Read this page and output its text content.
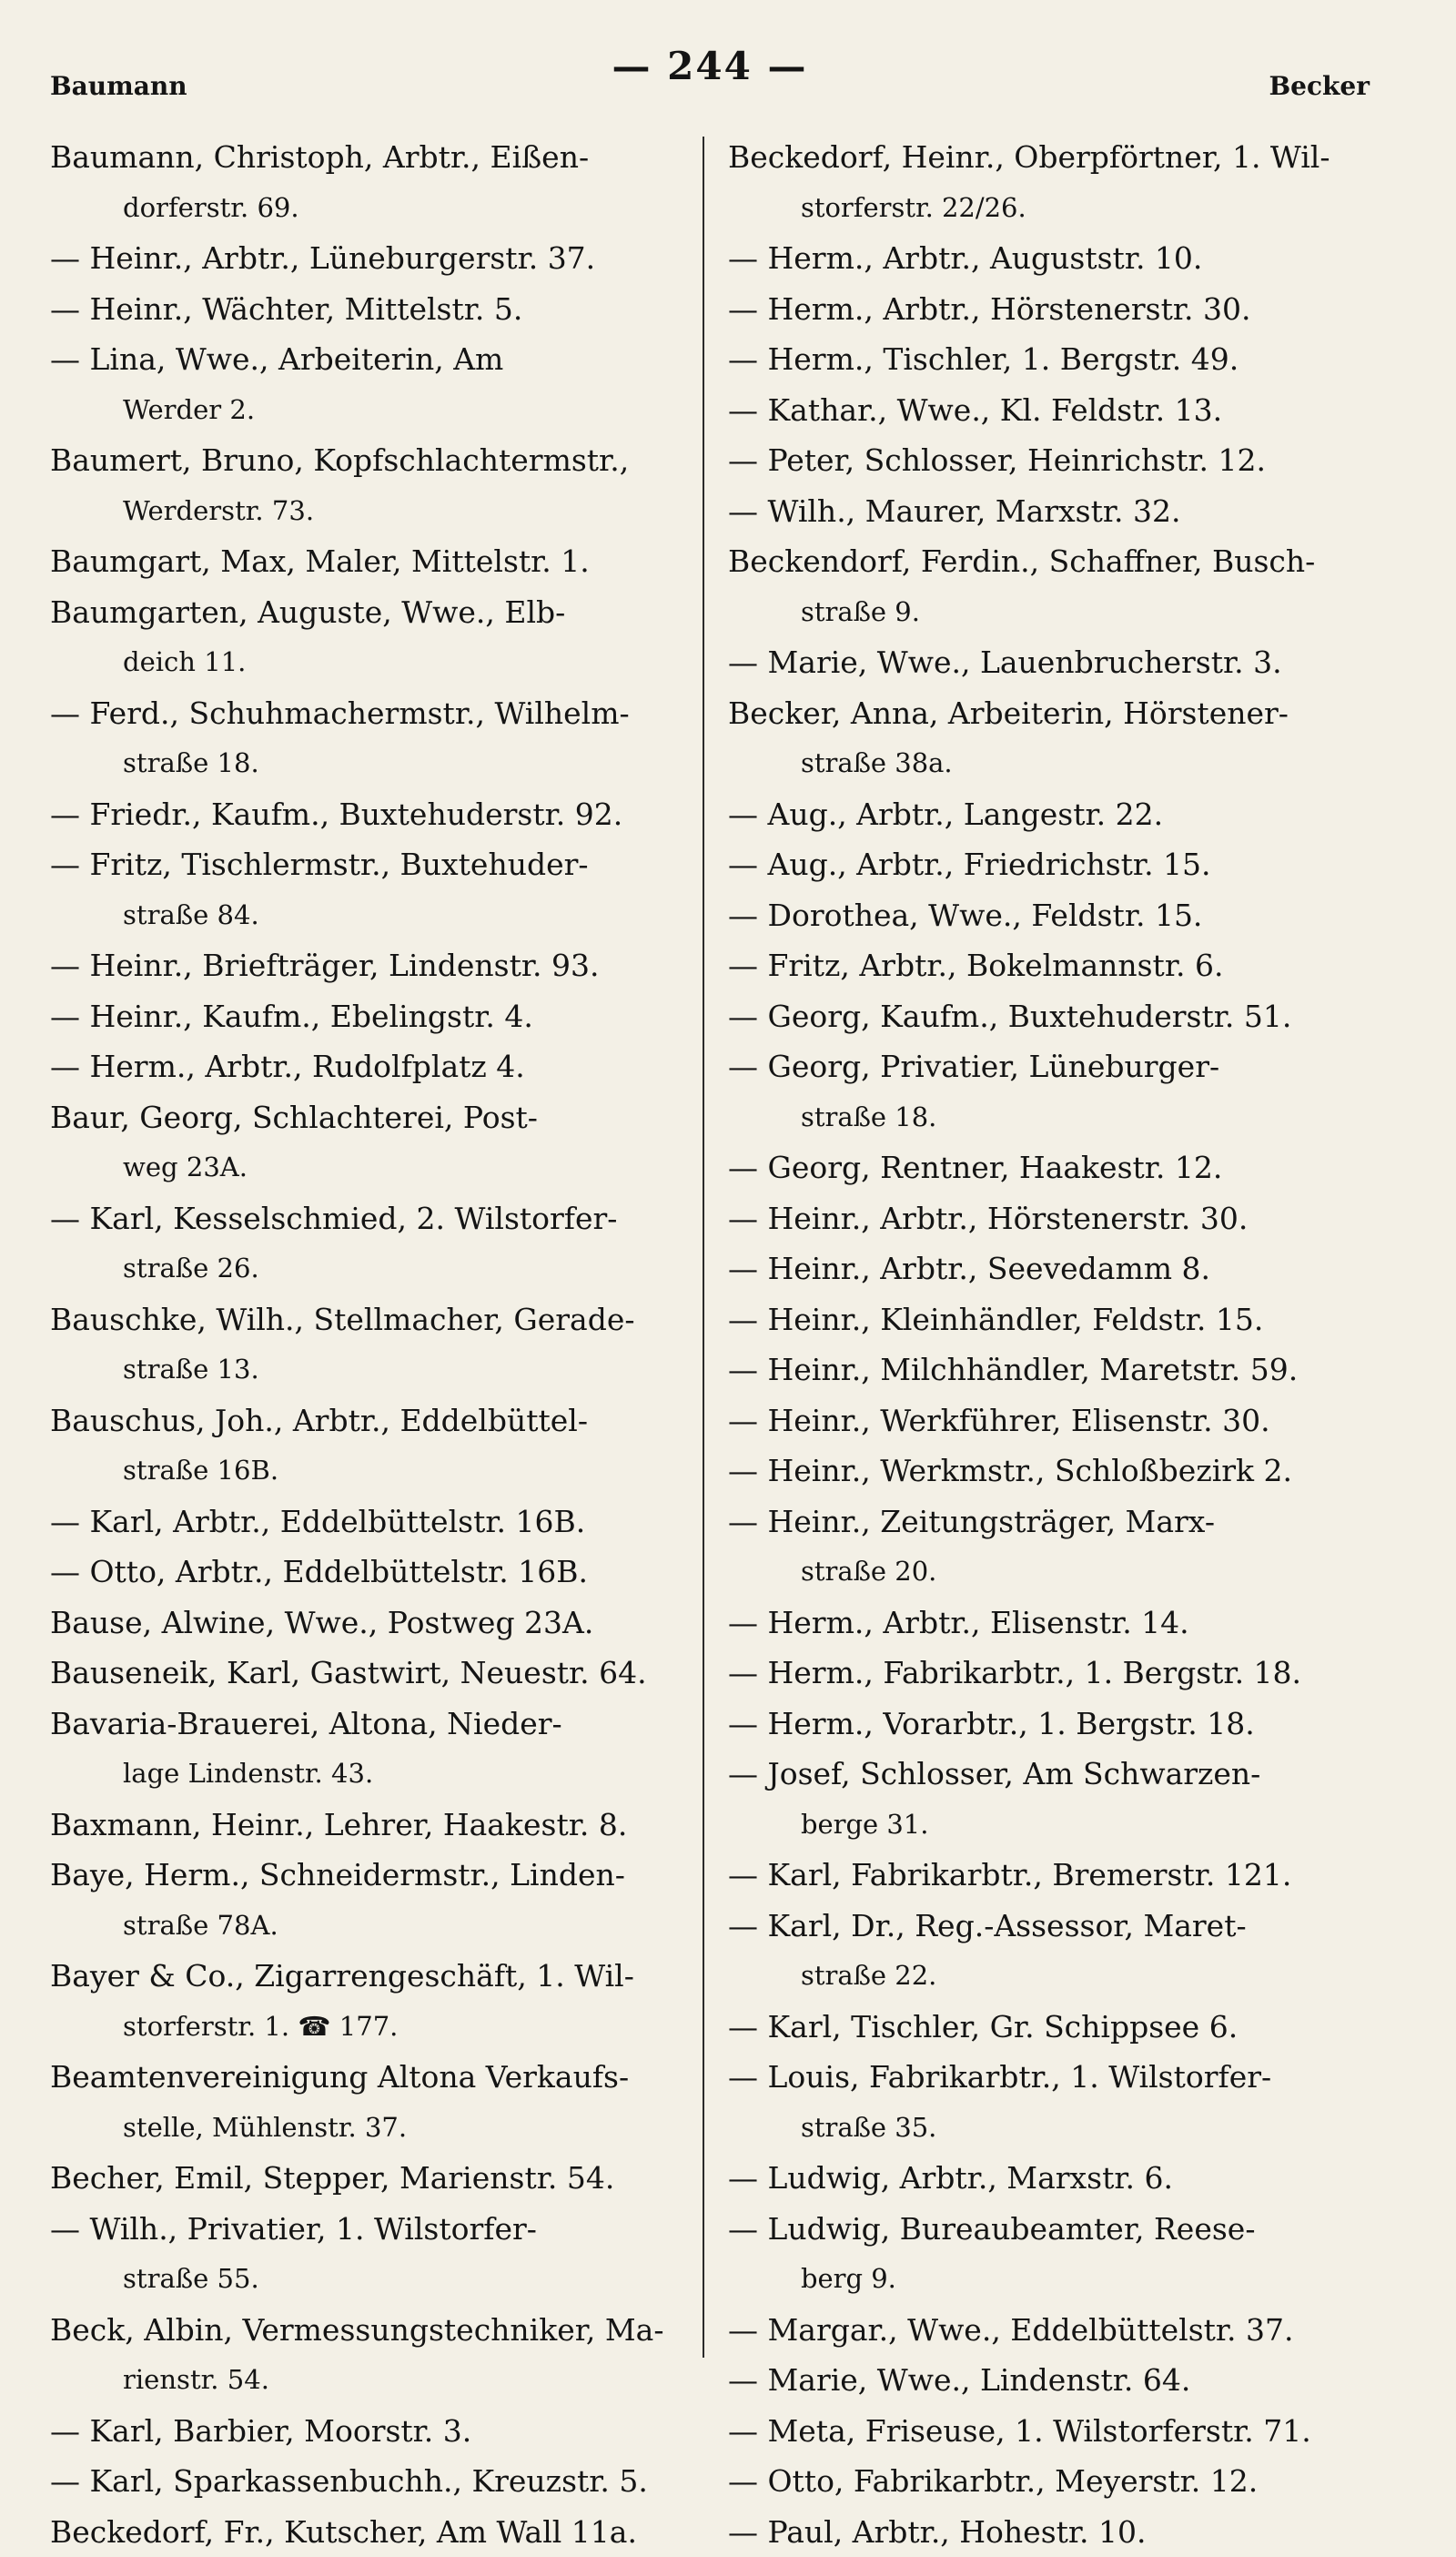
Baumann	— 244 —	Becker
Baumann, Christoph, Arbtr., Eißen-
dorferstr. 69.
— Heinr., Arbtr., Lüneburgerstr. 37.
— Heinr., Wächter, Mittelstr. 5.
— Lina, Wwe., Arbeiterin, Am
Werder 2.
Baumert, Bruno, Kopfschlachtermstr.,
Werderstr. 73.
Baumgart, Max, Maler, Mittelstr. 1.
Baumgarten, Auguste, Wwe., Elb-
deich 11.
— Ferd., Schuhmachermstr., Wilhelm-
straße 18.
— Friedr., Kaufm., Buxtehuderstr. 92.
— Fritz, Tischlermstr., Buxtehuder-
straße 84.
— Heinr., Briefträger, Lindenstr. 93.
— Heinr., Kaufm., Ebelingstr. 4.
— Herm., Arbtr., Rudolfplatz 4.
Baur, Georg, Schlachterei, Post-
weg 23A.
— Karl, Kesselschmied, 2. Wilstorfer-
straße 26.
Bauschke, Wilh., Stellmacher, Gerade-
straße 13.
Bauschus, Joh., Arbtr., Eddelbüttel-
straße 16B.
— Karl, Arbtr., Eddelbüttelstr. 16B.
— Otto, Arbtr., Eddelbüttelstr. 16B.
Bause, Alwine, Wwe., Postweg 23A.
Bauseneik, Karl, Gastwirt, Neuestr. 64.
Bavaria-Brauerei, Altona, Nieder-
lage Lindenstr. 43.
Baxmann, Heinr., Lehrer, Haakestr. 8.
Baye, Herm., Schneidermstr., Linden-
straße 78A.
Bayer & Co., Zigarrengeschäft, 1. Wil-
storferstr. 1. ☎ 177.
Beamtenvereinigung Altona Verkaufs-
stelle, Mühlenstr. 37.
Becher, Emil, Stepper, Marienstr. 54.
— Wilh., Privatier, 1. Wilstorfer-
straße 55.
Beck, Albin, Vermessungstechniker, Ma-
rienstr. 54.
— Karl, Barbier, Moorstr. 3.
— Karl, Sparkassenbuchh., Kreuzstr. 5.
Beckedorf, Fr., Kutscher, Am Wall 11a.
Beckedorf, Heinr., Oberpförtner, 1. Wil-
storferstr. 22/26.
— Herm., Arbtr., Auguststr. 10.
— Herm., Arbtr., Hörstenerstr. 30.
— Herm., Tischler, 1. Bergstr. 49.
— Kathar., Wwe., Kl. Feldstr. 13.
— Peter, Schlosser, Heinrichstr. 12.
— Wilh., Maurer, Marxstr. 32.
Beckendorf, Ferdin., Schaffner, Busch-
straße 9.
— Marie, Wwe., Lauenbrucherstr. 3.
Becker, Anna, Arbeiterin, Hörstener-
straße 38a.
— Aug., Arbtr., Langestr. 22.
— Aug., Arbtr., Friedrichstr. 15.
— Dorothea, Wwe., Feldstr. 15.
— Fritz, Arbtr., Bokelmannstr. 6.
— Georg, Kaufm., Buxtehuderstr. 51.
— Georg, Privatier, Lüneburger-
straße 18.
— Georg, Rentner, Haakestr. 12.
— Heinr., Arbtr., Hörstenerstr. 30.
— Heinr., Arbtr., Seevedamm 8.
— Heinr., Kleinhändler, Feldstr. 15.
— Heinr., Milchhändler, Maretstr. 59.
— Heinr., Werkführer, Elisenstr. 30.
— Heinr., Werkmstr., Schloßbezirk 2.
— Heinr., Zeitungsträger, Marx-
straße 20.
— Herm., Arbtr., Elisenstr. 14.
— Herm., Fabrikarbtr., 1. Bergstr. 18.
— Herm., Vorarbtr., 1. Bergstr. 18.
— Josef, Schlosser, Am Schwarzen-
berge 31.
— Karl, Fabrikarbtr., Bremerstr. 121.
— Karl, Dr., Reg.-Assessor, Maret-
straße 22.
— Karl, Tischler, Gr. Schippsee 6.
— Louis, Fabrikarbtr., 1. Wilstorfer-
straße 35.
— Ludwig, Arbtr., Marxstr. 6.
— Ludwig, Bureaubeamter, Reese-
berg 9.
— Margar., Wwe., Eddelbüttelstr. 37.
— Marie, Wwe., Lindenstr. 64.
— Meta, Friseuse, 1. Wilstorferstr. 71.
— Otto, Fabrikarbtr., Meyerstr. 12.
— Paul, Arbtr., Hohestr. 10.
